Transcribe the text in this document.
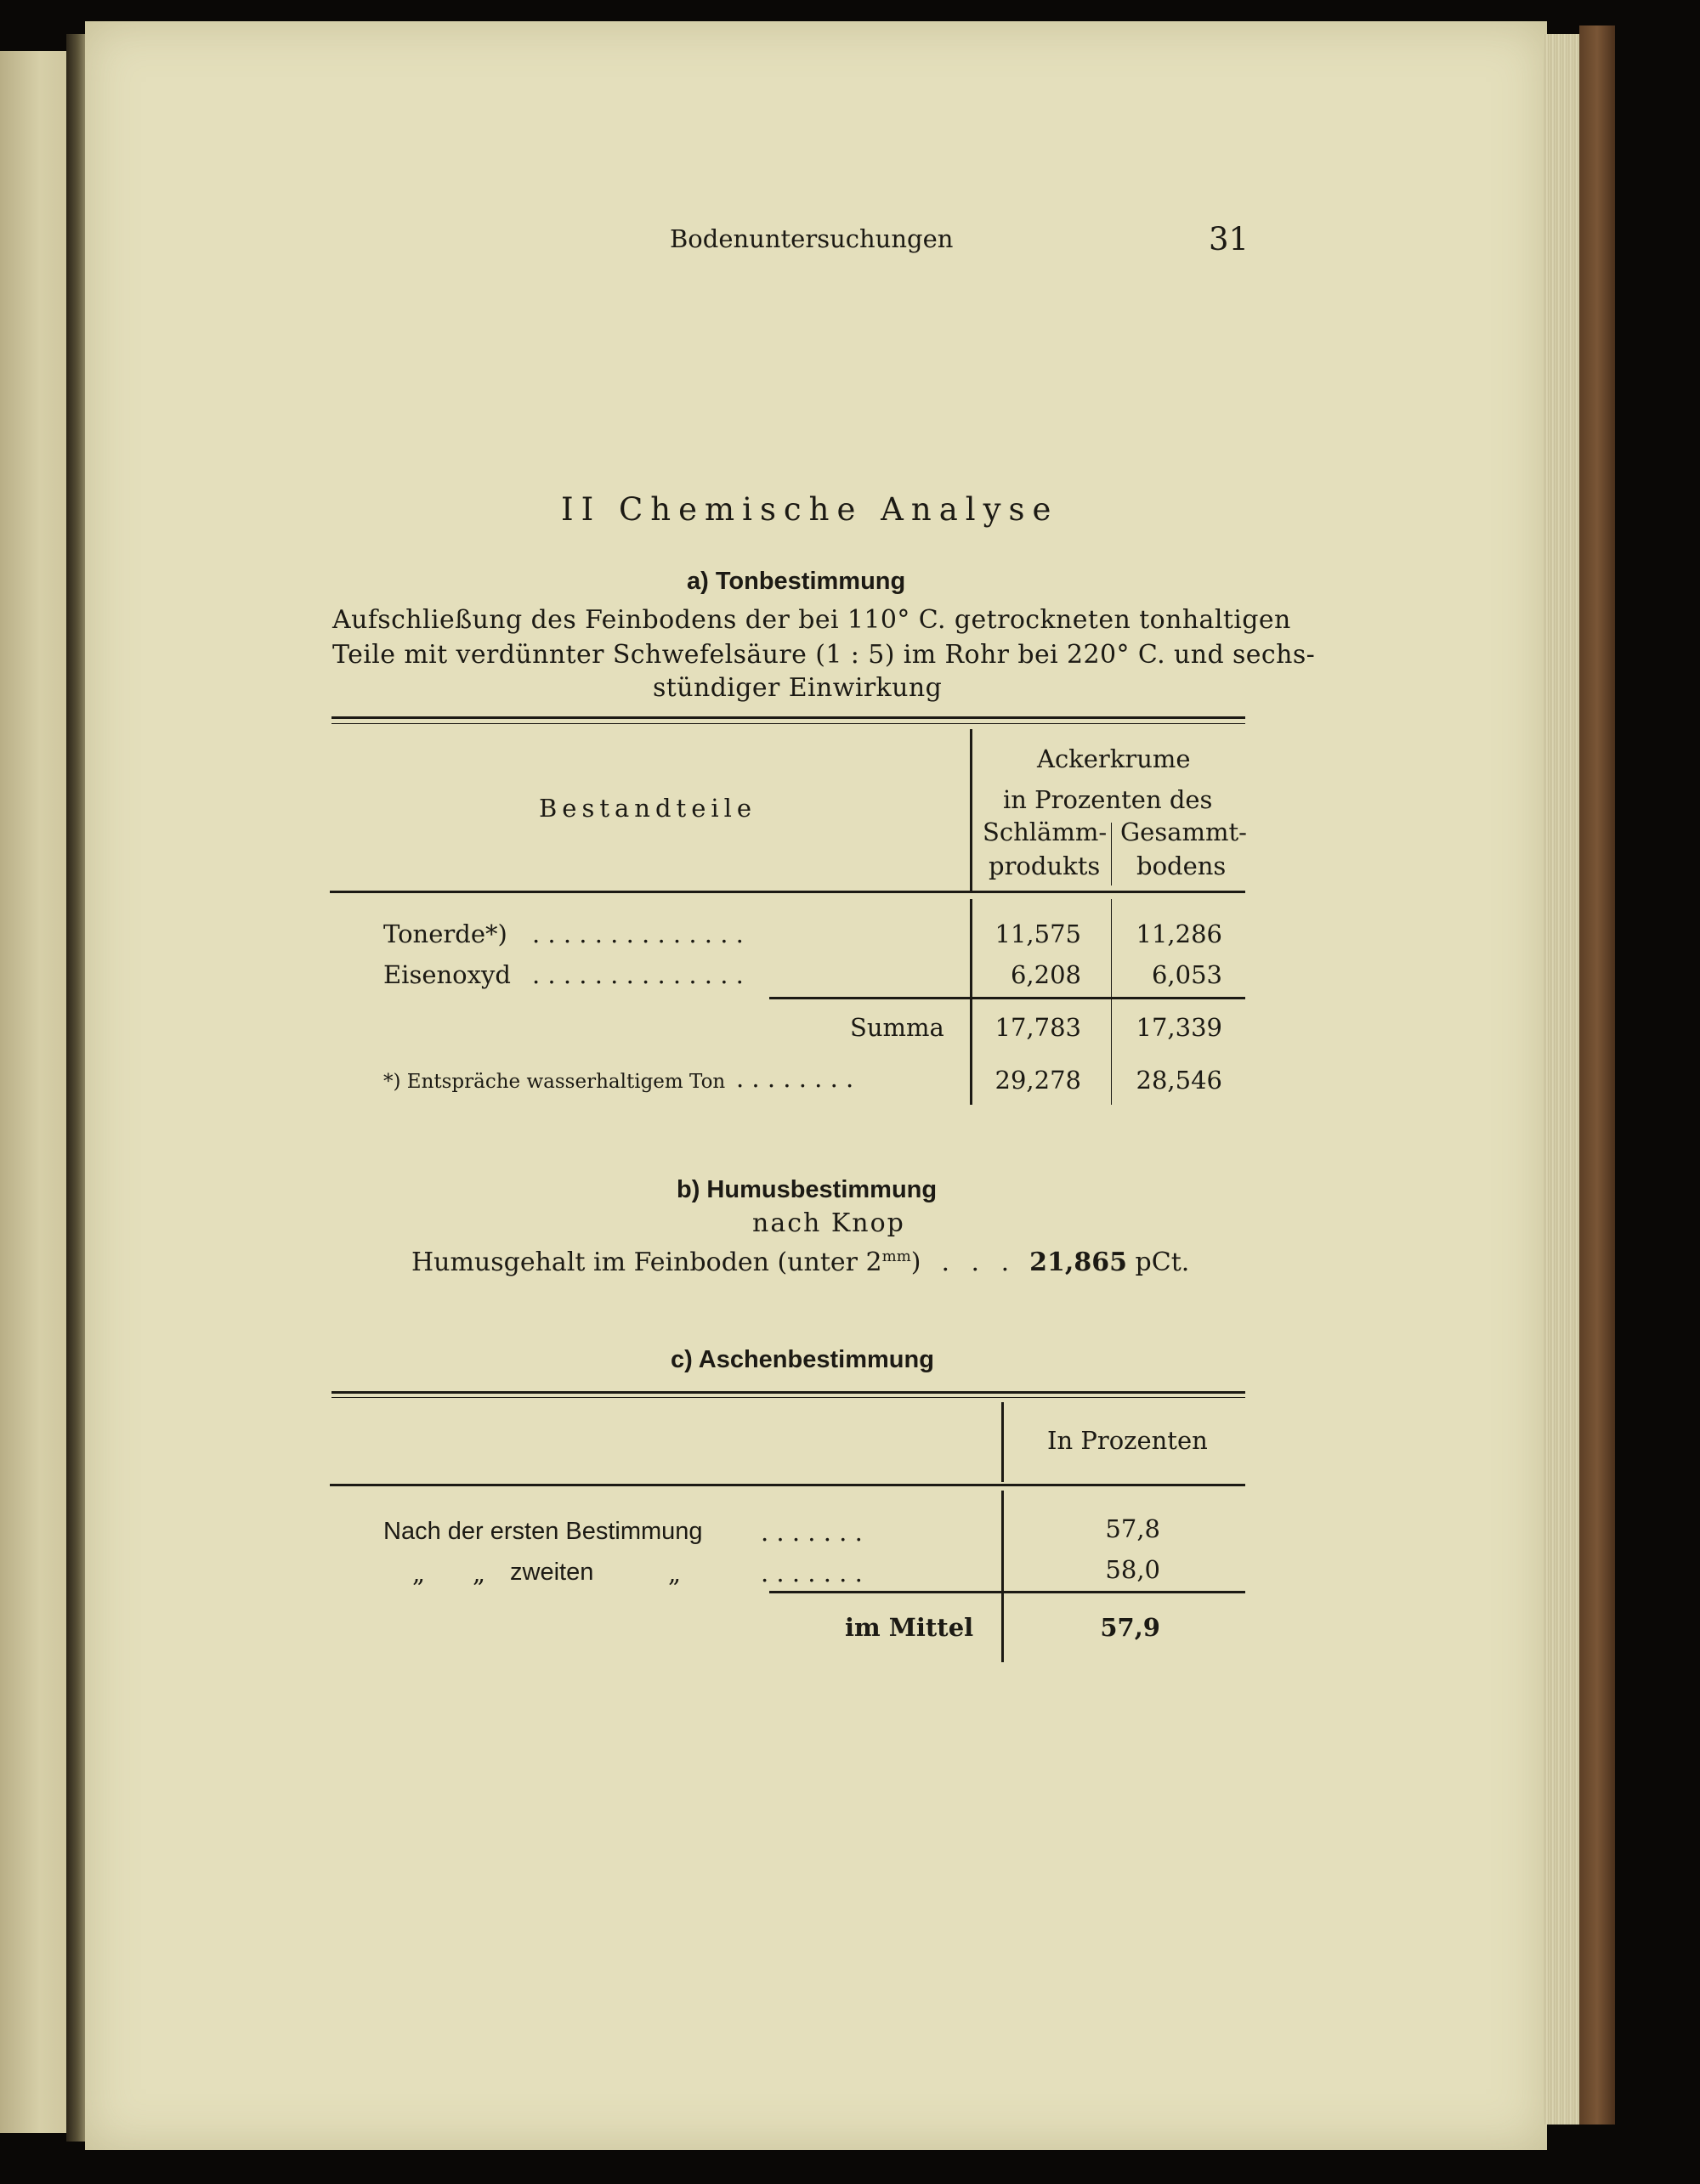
Bodenuntersuchungen	31
II Chemische Analyse
a) Tonbestimmung
Aufschließung des Feinbodens der bei 110° C. getrockneten tonhaltigen
Teile mit verdünnter Schwefelsäure (1 : 5) im Rohr bei 220° C. und sechs-
stündiger Einwirkung
Bestandteile
Ackerkrume
in Prozenten des
Schlämm-
produkts
Gesammt-
bodens
Tonerde*) . . . . . . . . . . . . . .	11,575	11,286
Eisenoxyd . . . . . . . . . . . . . .	6,208	6,053
Summa	17,783	17,339
*) Entspräche wasserhaltigem Ton . . . . . . . .	29,278	28,546
b) Humusbestimmung
nach Knop
Humusgehalt im Feinboden (unter $2^{mm}$) . . . 21,865 pCt.
c) Aschenbestimmung
In Prozenten
Nach der ersten Bestimmung . . . . . . .	57,8
„ „ zweiten	„	. . . . . . .	58,0
im Mittel	57,9
